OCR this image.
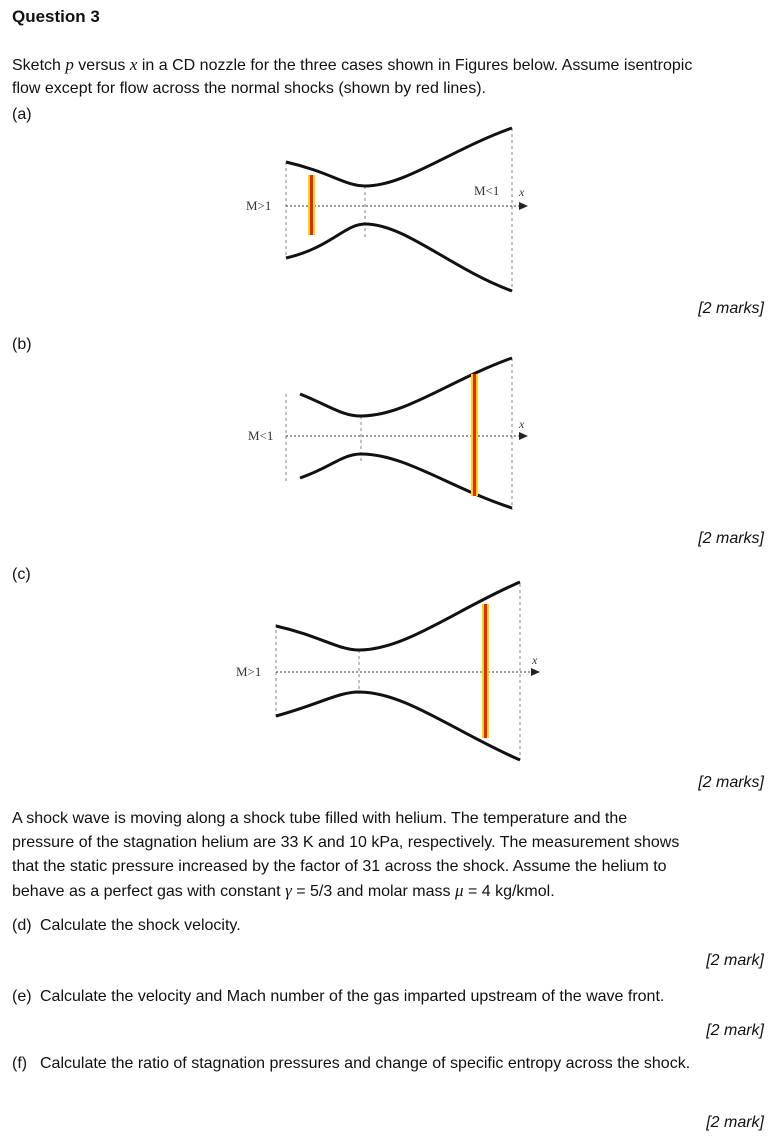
Question 3
Sketch p versus x in a CD nozzle for the three cases shown in Figures below. Assume isentropic
flow except for flow across the normal shocks (shown by red lines).
(a)
M>1
M<1 x
[2 marks]
(b)
M<1
x
[2 marks]
(c)
M>1
x
[2 marks]
A shock wave is moving along a shock tube filled with helium. The temperature and the
pressure of the stagnation helium are 33 K and 10 kPa, respectively. The measurement shows
that the static pressure increased by the factor of 31 across the shock. Assume the helium to
behave as a perfect gas with constant γ = 5/3 and molar mass μ = 4 kg/kmol.
(d) Calculate the shock velocity.
[2 mark]
(e) Calculate the velocity and Mach number of the gas imparted upstream of the wave front.
[2 mark]
(f) Calculate the ratio of stagnation pressures and change of specific entropy across the shock.
[2 mark]
